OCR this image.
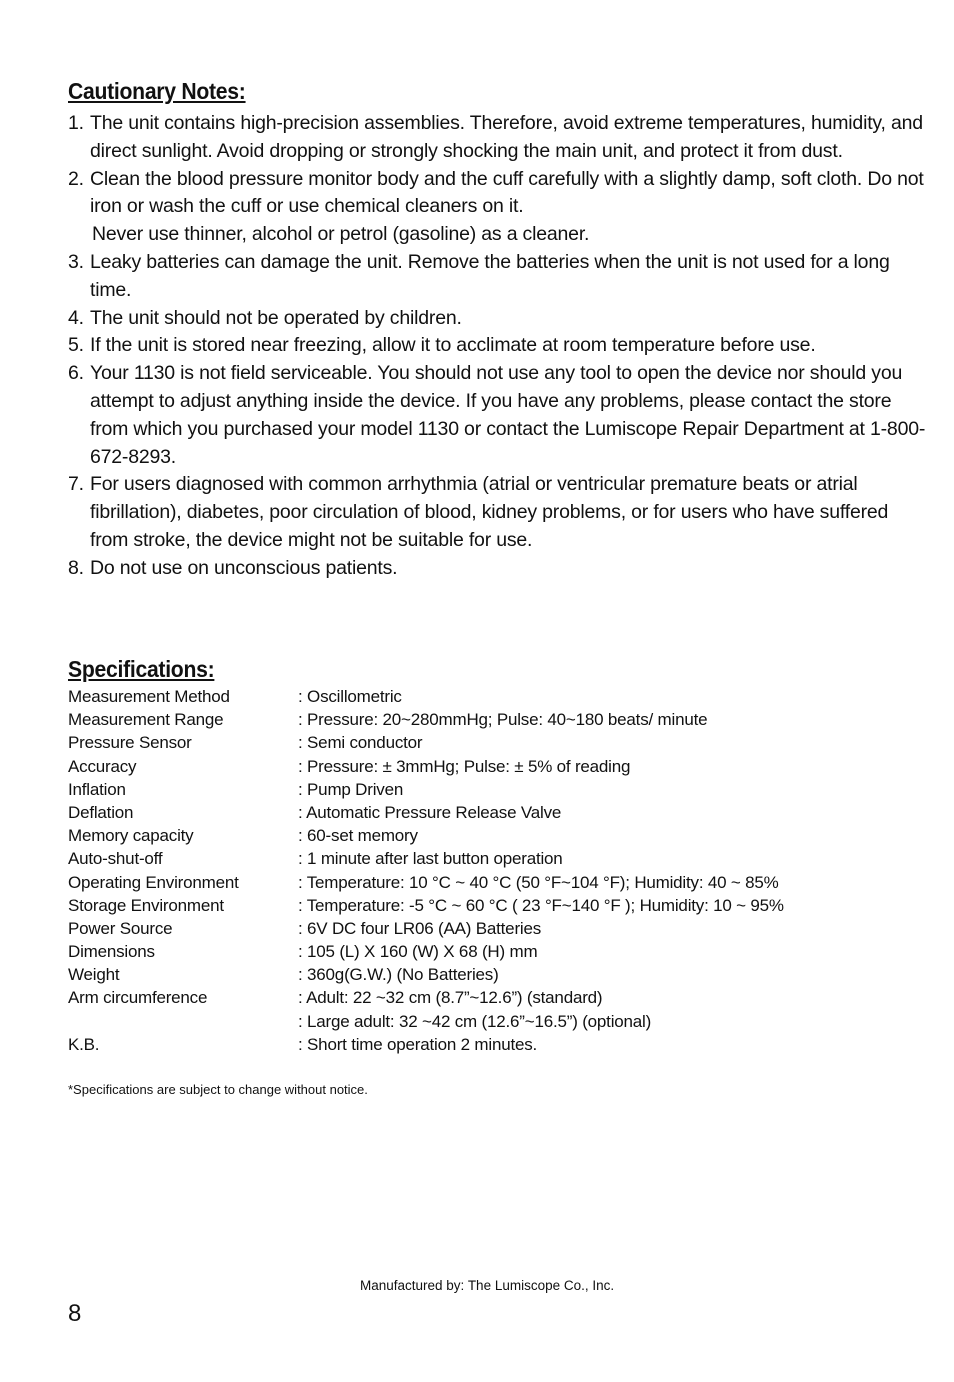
Cautionary Notes:
1. The unit contains high-precision assemblies. Therefore, avoid extreme temperatures, humidity, and direct sunlight. Avoid dropping or strongly shocking the main unit, and protect it from dust.
2. Clean the blood pressure monitor body and the cuff carefully with a slightly damp, soft cloth. Do not iron or wash the cuff or use chemical cleaners on it.
Never use thinner, alcohol or petrol (gasoline) as a cleaner.
3. Leaky batteries can damage the unit. Remove the batteries when the unit is not used for a long time.
4. The unit should not be operated by children.
5. If the unit is stored near freezing, allow it to acclimate at room temperature before use.
6. Your 1130 is not field serviceable. You should not use any tool to open the device nor should you attempt to adjust anything inside the device. If you have any problems, please contact the store from which you purchased your model 1130 or contact the Lumiscope Repair Department at 1-800-672-8293.
7. For users diagnosed with common arrhythmia (atrial or ventricular premature beats or atrial fibrillation), diabetes, poor circulation of blood, kidney problems, or for users who have suffered from stroke, the device might not be suitable for use.
8. Do not use on unconscious patients.
Specifications:
Measurement Method	: Oscillometric
Measurement Range	: Pressure: 20~280mmHg; Pulse: 40~180 beats/ minute
Pressure Sensor	: Semi conductor
Accuracy	: Pressure: ± 3mmHg; Pulse: ± 5% of reading
Inflation	: Pump Driven
Deflation	: Automatic Pressure Release Valve
Memory capacity	: 60-set memory
Auto-shut-off	: 1 minute after last button operation
Operating Environment	: Temperature: 10 °C ~ 40 °C (50 °F~104 °F); Humidity: 40 ~ 85%
Storage Environment	: Temperature: -5 °C ~ 60 °C ( 23 °F~140 °F ); Humidity: 10 ~ 95%
Power Source	: 6V DC four LR06 (AA) Batteries
Dimensions	: 105 (L) X 160 (W) X 68 (H) mm
Weight	: 360g(G.W.) (No Batteries)
Arm circumference	: Adult: 22 ~32 cm (8.7”~12.6”) (standard)
: Large adult: 32 ~42 cm (12.6”~16.5”) (optional)
K.B.	: Short time operation 2 minutes.
*Specifications are subject to change without notice.
Manufactured by: The Lumiscope Co., Inc.
8
